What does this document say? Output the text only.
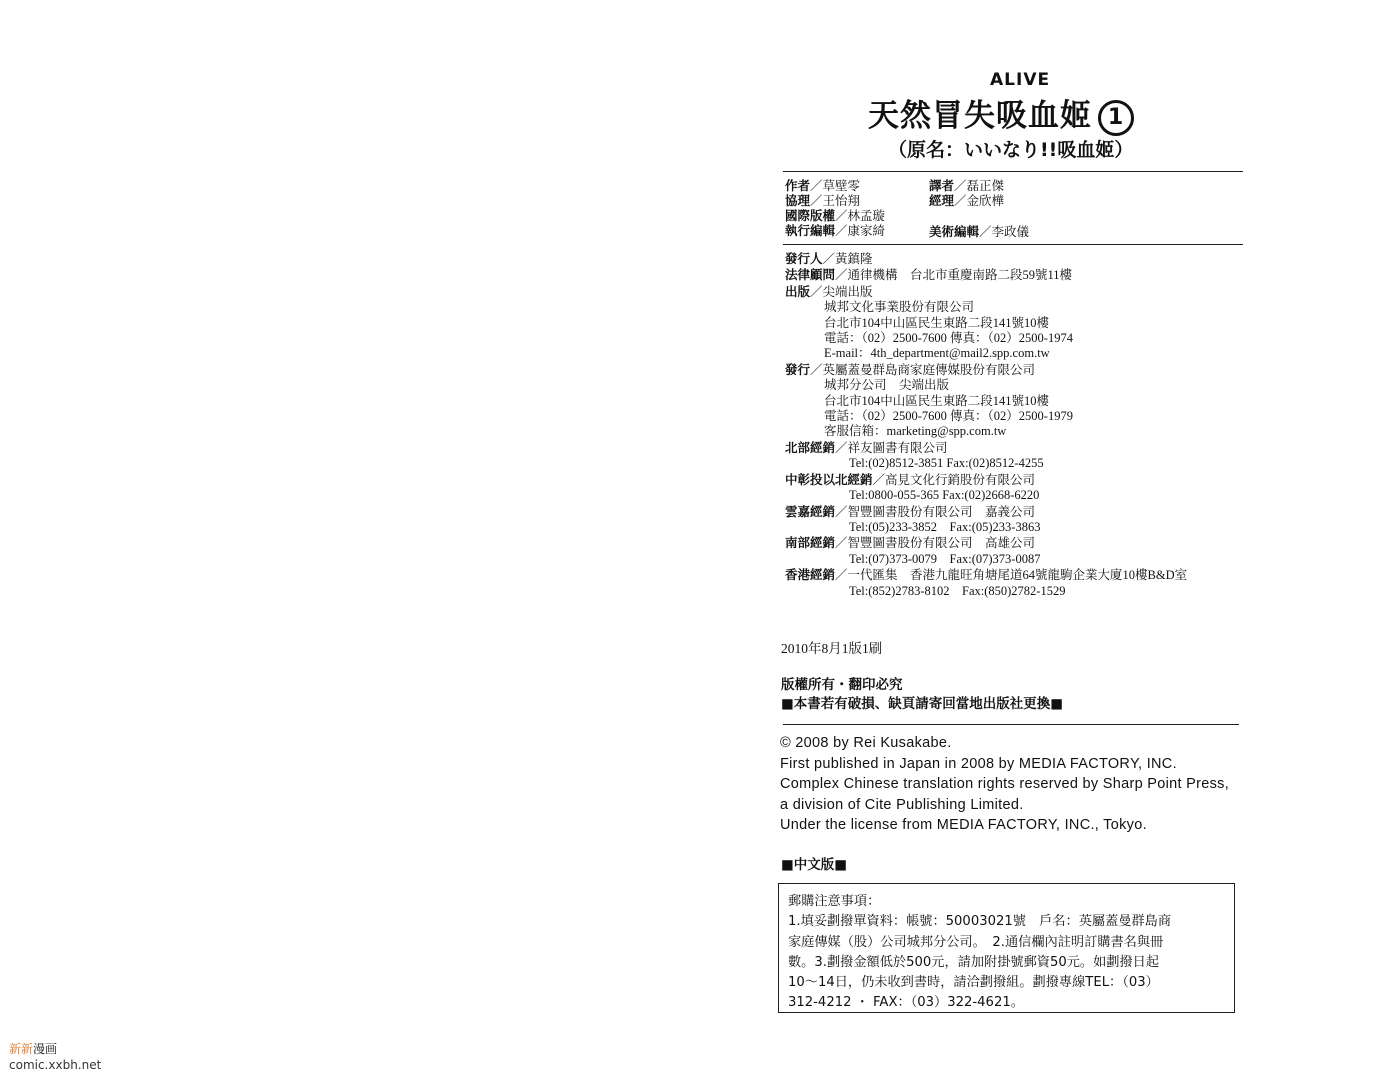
ALIVE
天然冒失吸血姬 1
（原名：いいなり!!吸血姬）
作者／草壁零	譯者／磊正傑
協理／王怡翔	經理／金欣樺
國際版權／林孟璇
執行編輯／康家綺	美術編輯／李政儀
發行人／黃鎮隆
法律顧問／通律機構　台北市重慶南路二段59號11樓
出版／尖端出版
城邦文化事業股份有限公司
台北市104中山區民生東路二段141號10樓
電話：（02）2500-7600 傳真：（02）2500-1974
E-mail：4th_department@mail2.spp.com.tw
發行／英屬蓋曼群島商家庭傳媒股份有限公司
城邦分公司　尖端出版
台北市104中山區民生東路二段141號10樓
電話：（02）2500-7600 傳真：（02）2500-1979
客服信箱：marketing@spp.com.tw
北部經銷／祥友圖書有限公司
Tel:(02)8512-3851 Fax:(02)8512-4255
中彰投以北經銷／高見文化行銷股份有限公司
Tel:0800-055-365 Fax:(02)2668-6220
雲嘉經銷／智豐圖書股份有限公司　嘉義公司
Tel:(05)233-3852　Fax:(05)233-3863
南部經銷／智豐圖書股份有限公司　高雄公司
Tel:(07)373-0079　Fax:(07)373-0087
香港經銷／一代匯集　香港九龍旺角塘尾道64號龍駒企業大廈10樓B&D室
Tel:(852)2783-8102　Fax:(850)2782-1529
2010年8月1版1刷
版權所有・翻印必究
■本書若有破損、缺頁請寄回當地出版社更換■
© 2008 by Rei Kusakabe.
First published in Japan in 2008 by MEDIA FACTORY, INC.
Complex Chinese translation rights reserved by Sharp Point Press,
a division of Cite Publishing Limited.
Under the license from MEDIA FACTORY, INC., Tokyo.
■中文版■
郵購注意事項：
1.填妥劃撥單資料：帳號：50003021號　戶名：英屬蓋曼群島商
家庭傳媒（股）公司城邦分公司。　2.通信欄內註明訂購書名與冊
數。3.劃撥金額低於500元，請加附掛號郵資50元。如劃撥日起
10～14日，仍未收到書時，請洽劃撥組。劃撥專線TEL：（03）
312-4212 ・ FAX：（03）322-4621。
新新漫画
comic.xxbh.net
